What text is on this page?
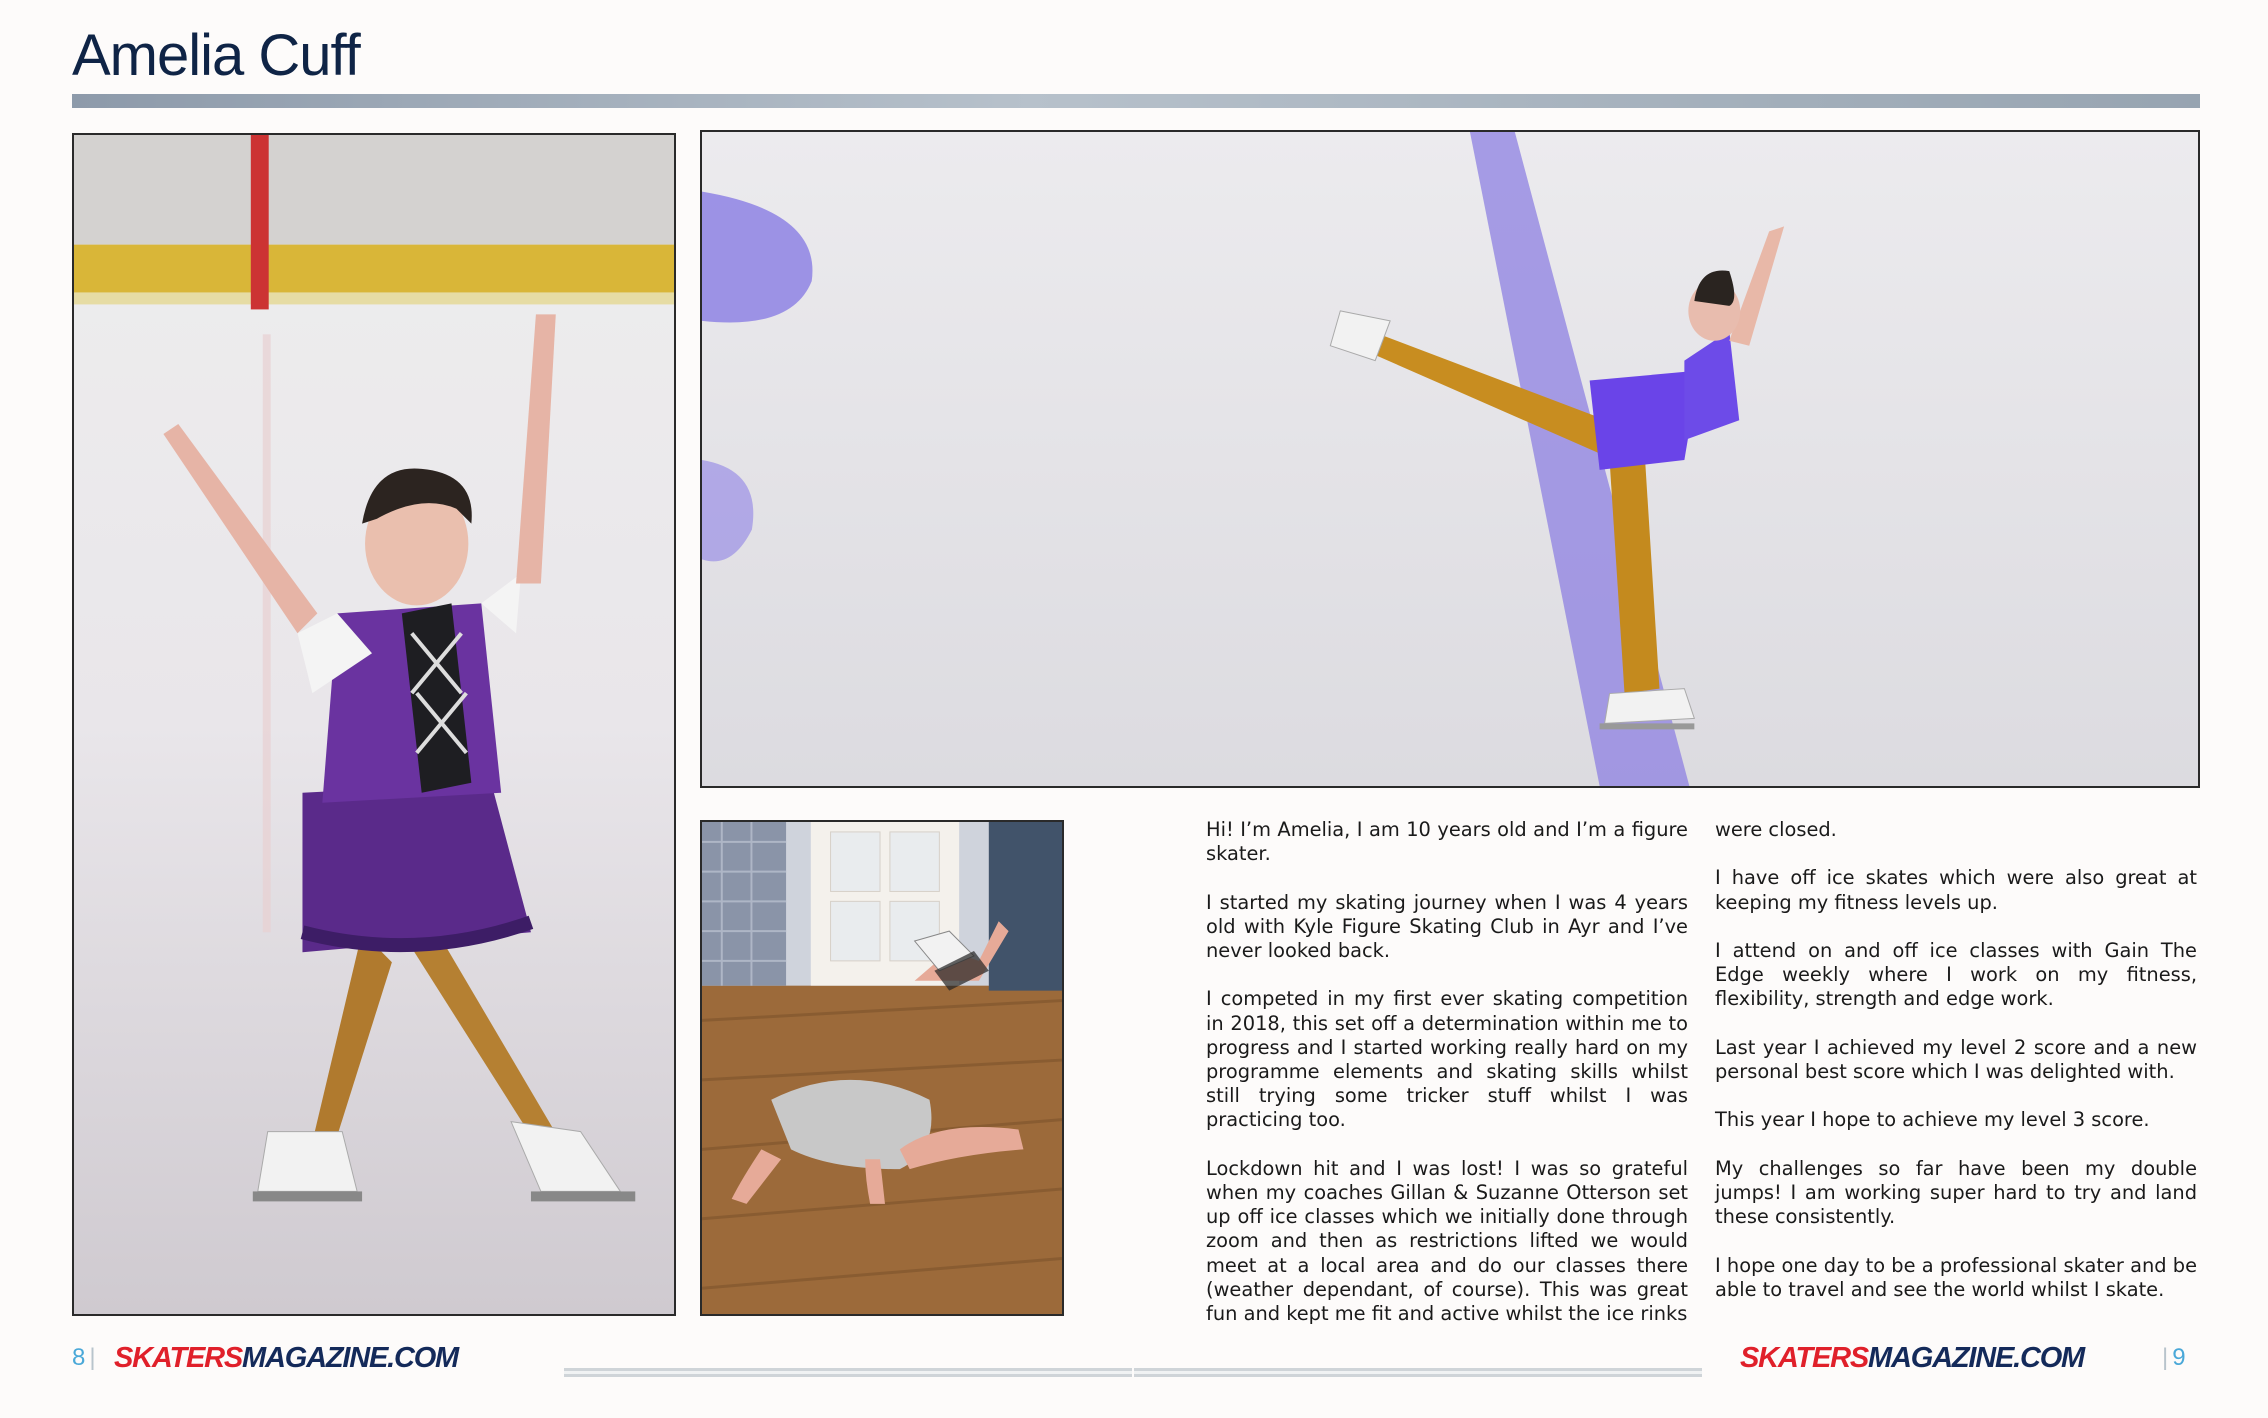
Amelia Cuff

Hi! I’m Amelia, I am 10 years old and I’m a figure skater.

I started my skating journey when I was 4 years old with Kyle Figure Skating Club in Ayr and I’ve never looked back.

I competed in my first ever skating competition in 2018, this set off a determination within me to progress and I started working really hard on my programme elements and skating skills whilst still trying some tricker stuff whilst I was practicing too.

Lockdown hit and I was lost! I was so grateful when my coaches Gillan & Suzanne Otterson set up off ice classes which we initially done through zoom and then as restrictions lifted we would meet at a local area and do our classes there (weather dependant, of course). This was great fun and kept me fit and active whilst the ice rinks

were closed.

I have off ice skates which were also great at keeping my fitness levels up.

I attend on and off ice classes with Gain The Edge weekly where I work on my fitness, flexibility, strength and edge work.

Last year I achieved my level 2 score and a new personal best score which I was delighted with.

This year I hope to achieve my level 3 score.

My challenges so far have been my double jumps! I am working super hard to try and land these consistently.

I hope one day to be a professional skater and be able to travel and see the world whilst I skate.

8 | SKATERSMAGAZINE.COM	SKATERSMAGAZINE.COM	| 9
